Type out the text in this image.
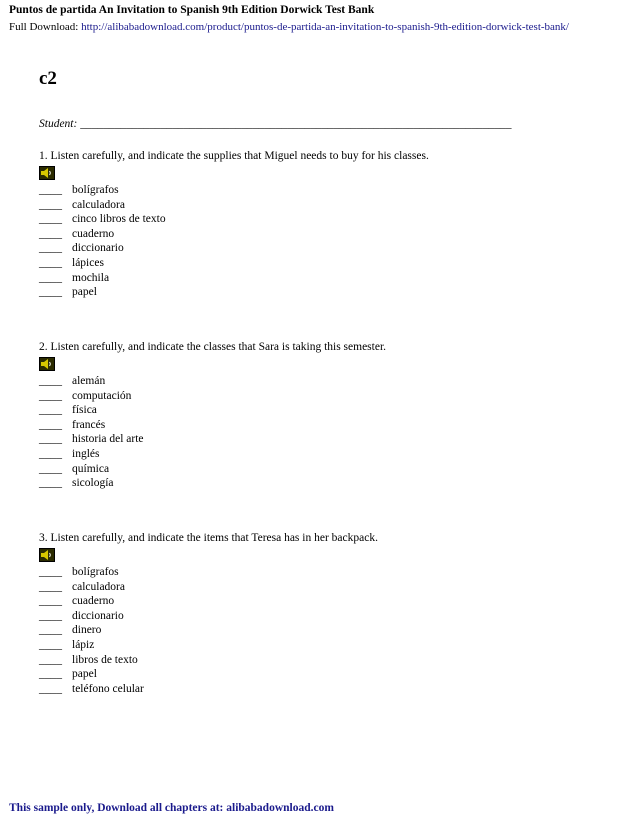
Puntos de partida An Invitation to Spanish 9th Edition Dorwick Test Bank
Full Download: http://alibabadownload.com/product/puntos-de-partida-an-invitation-to-spanish-9th-edition-dorwick-test-bank/
c2
Student: ___________________________________________________________________________
1. Listen carefully, and indicate the supplies that Miguel needs to buy for his classes.
____ bolígrafos
____ calculadora
____ cinco libros de texto
____ cuaderno
____ diccionario
____ lápices
____ mochila
____ papel
2. Listen carefully, and indicate the classes that Sara is taking this semester.
____ alemán
____ computación
____ física
____ francés
____ historia del arte
____ inglés
____ química
____ sicología
3. Listen carefully, and indicate the items that Teresa has in her backpack.
____ bolígrafos
____ calculadora
____ cuaderno
____ diccionario
____ dinero
____ lápiz
____ libros de texto
____ papel
____ teléfono celular
This sample only, Download all chapters at: alibabadownload.com
